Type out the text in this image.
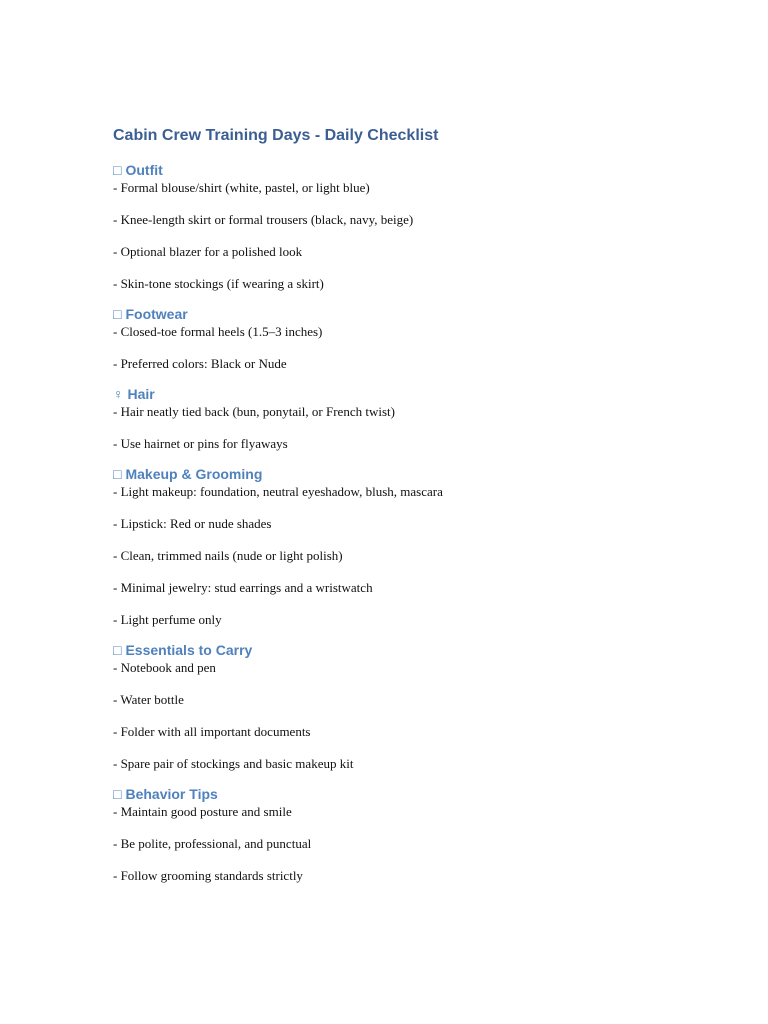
Cabin Crew Training Days - Daily Checklist
□ Outfit
- Formal blouse/shirt (white, pastel, or light blue)
- Knee-length skirt or formal trousers (black, navy, beige)
- Optional blazer for a polished look
- Skin-tone stockings (if wearing a skirt)
□ Footwear
- Closed-toe formal heels (1.5–3 inches)
- Preferred colors: Black or Nude
♀ Hair
- Hair neatly tied back (bun, ponytail, or French twist)
- Use hairnet or pins for flyaways
□ Makeup & Grooming
- Light makeup: foundation, neutral eyeshadow, blush, mascara
- Lipstick: Red or nude shades
- Clean, trimmed nails (nude or light polish)
- Minimal jewelry: stud earrings and a wristwatch
- Light perfume only
□ Essentials to Carry
- Notebook and pen
- Water bottle
- Folder with all important documents
- Spare pair of stockings and basic makeup kit
□ Behavior Tips
- Maintain good posture and smile
- Be polite, professional, and punctual
- Follow grooming standards strictly
